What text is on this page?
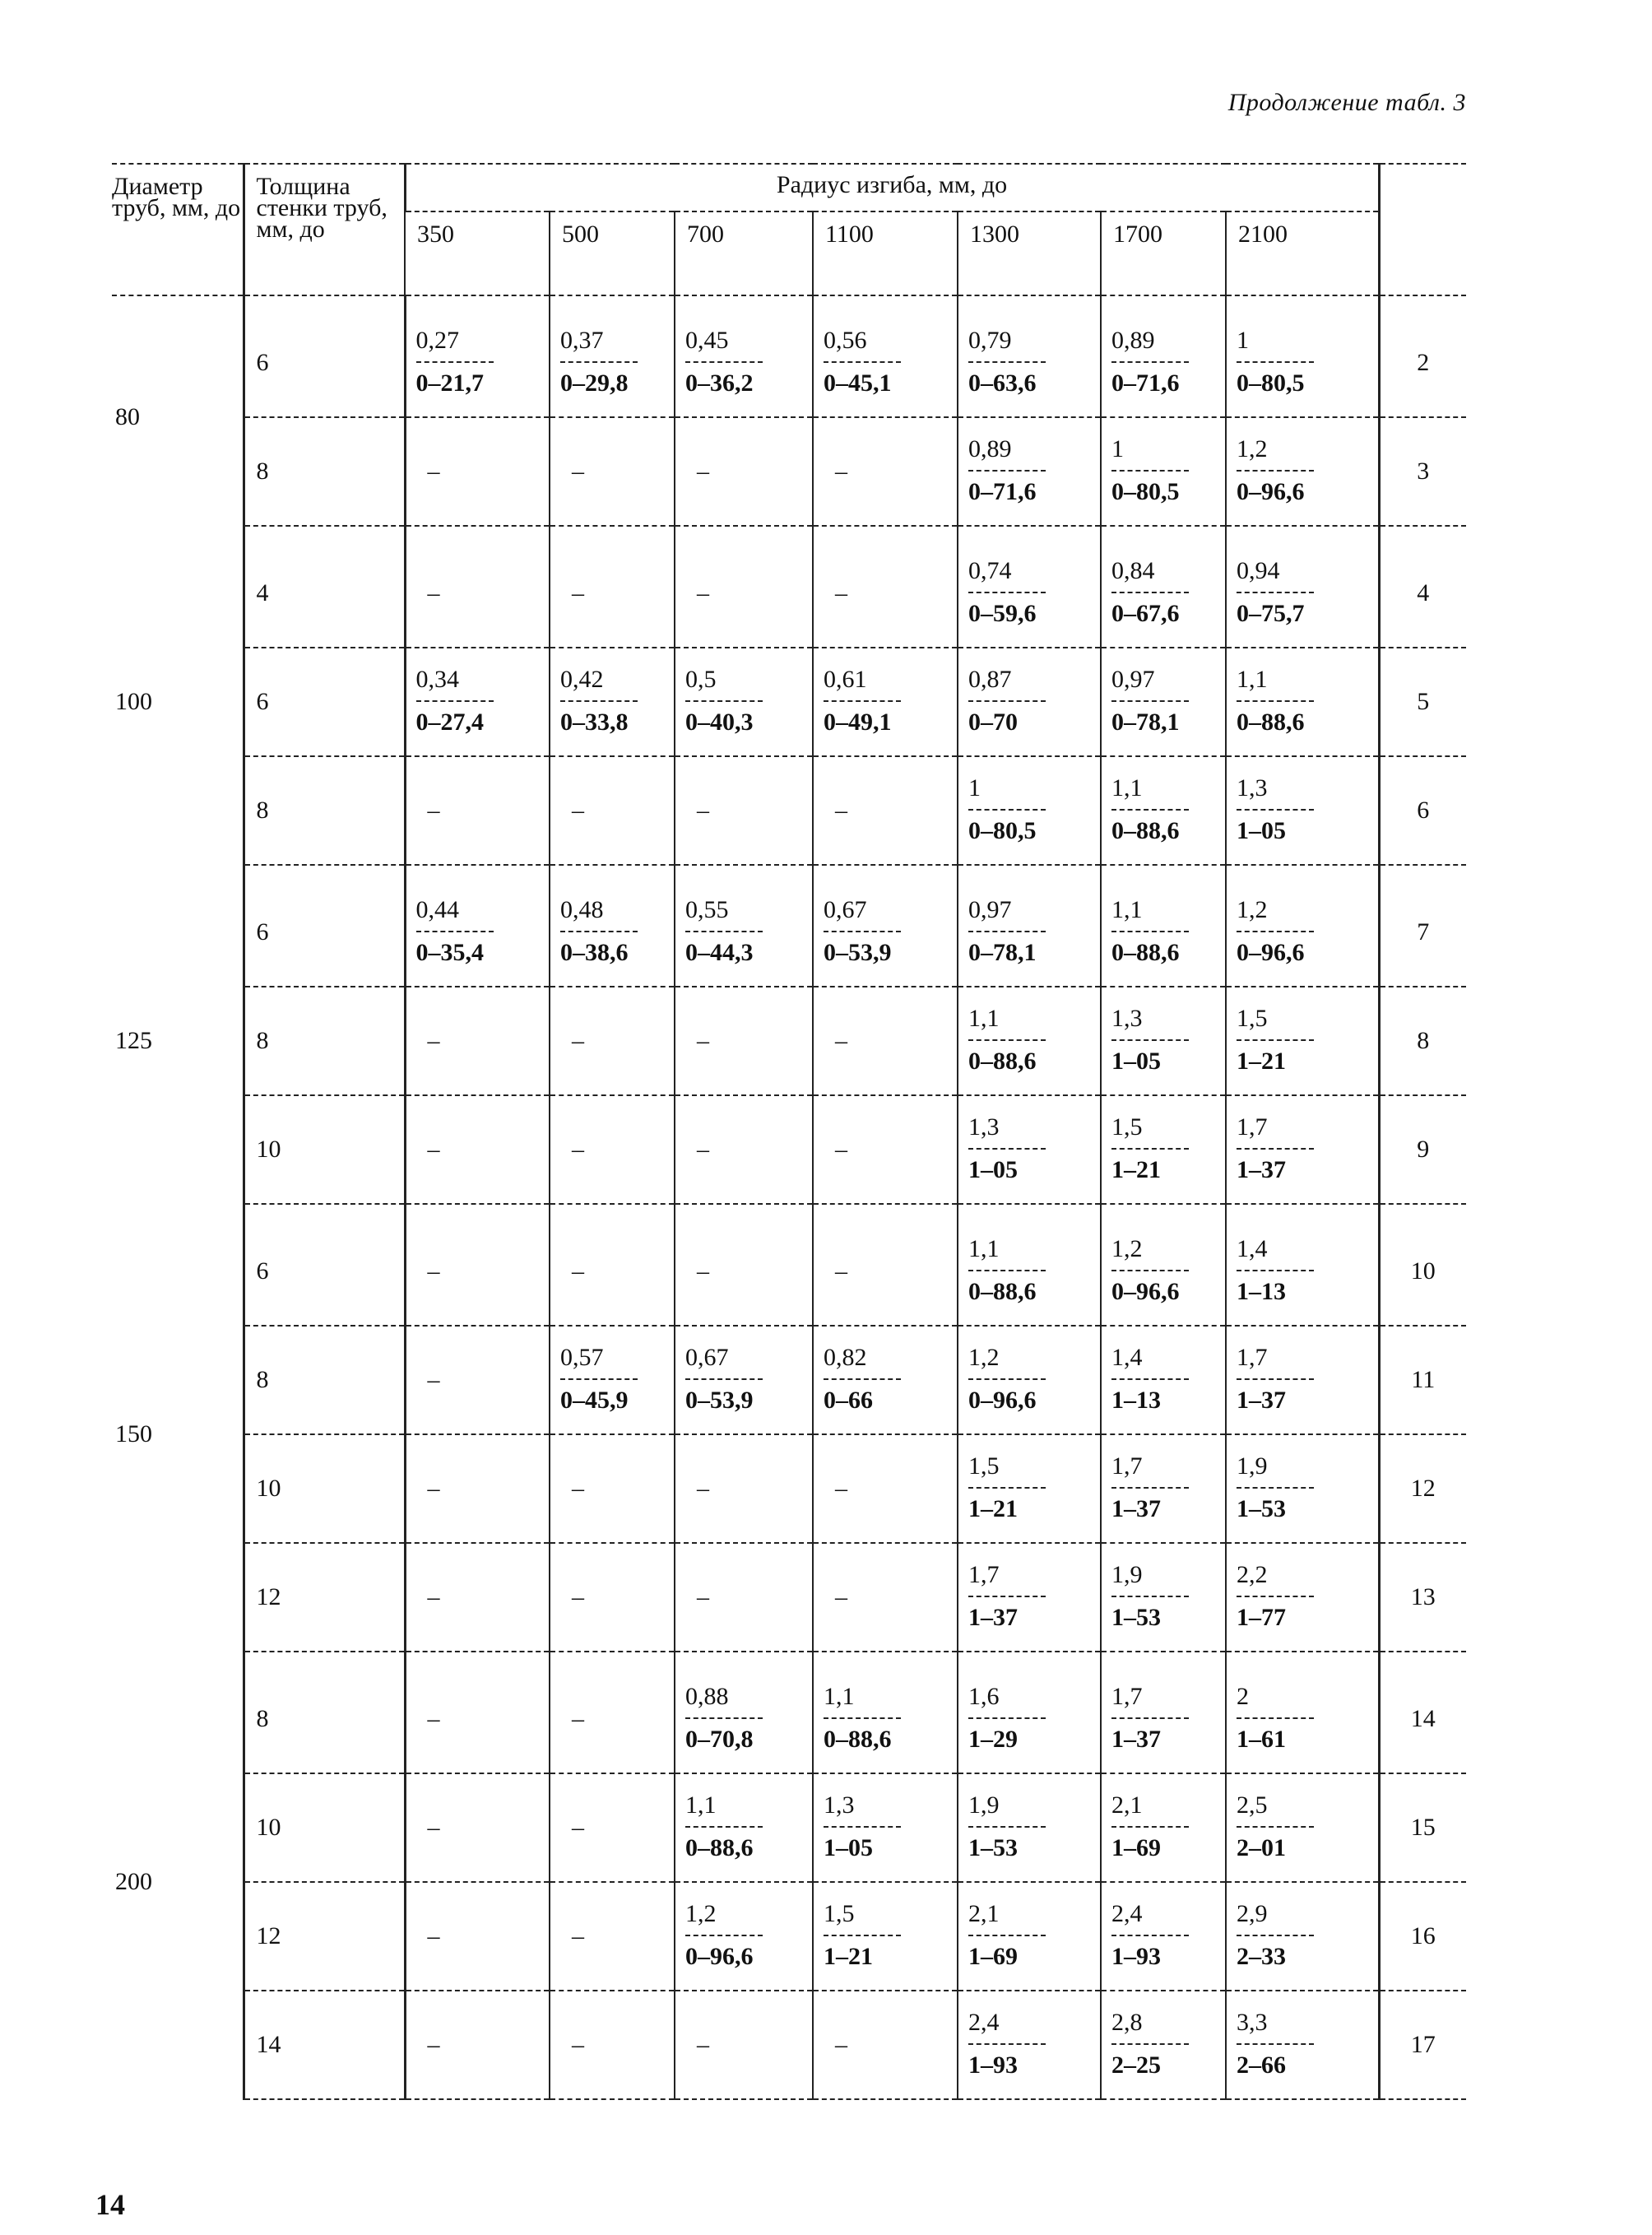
Продолжение табл. 3
Диаметр труб, мм, до	Толщина стенки труб, мм, до	Радиус изгиба, мм, до							
		350	500	700	1100	1300	1700	2100	

80	6	$\frac{0,27}{0-21,7}$	$\frac{0,37}{0-29,8}$	$\frac{0,45}{0-36,2}$	$\frac{0,56}{0-45,1}$	$\frac{0,79}{0-63,6}$	$\frac{0,89}{0-71,6}$	$\frac{1}{0-80,5}$	2
	8	–	–	–	–	$\frac{0,89}{0-71,6}$	$\frac{1}{0-80,5}$	$\frac{1,2}{0-96,6}$	3

100	4	–	–	–	–	$\frac{0,74}{0-59,6}$	$\frac{0,84}{0-67,6}$	$\frac{0,94}{0-75,7}$	4
	6	$\frac{0,34}{0-27,4}$	$\frac{0,42}{0-33,8}$	$\frac{0,5}{0-40,3}$	$\frac{0,61}{0-49,1}$	$\frac{0,87}{0-70}$	$\frac{0,97}{0-78,1}$	$\frac{1,1}{0-88,6}$	5
	8	–	–	–	–	$\frac{1}{0-80,5}$	$\frac{1,1}{0-88,6}$	$\frac{1,3}{1-05}$	6

125	6	$\frac{0,44}{0-35,4}$	$\frac{0,48}{0-38,6}$	$\frac{0,55}{0-44,3}$	$\frac{0,67}{0-53,9}$	$\frac{0,97}{0-78,1}$	$\frac{1,1}{0-88,6}$	$\frac{1,2}{0-96,6}$	7
	8	–	–	–	–	$\frac{1,1}{0-88,6}$	$\frac{1,3}{1-05}$	$\frac{1,5}{1-21}$	8
	10	–	–	–	–	$\frac{1,3}{1-05}$	$\frac{1,5}{1-21}$	$\frac{1,7}{1-37}$	9

150	6	–	–	–	–	$\frac{1,1}{0-88,6}$	$\frac{1,2}{0-96,6}$	$\frac{1,4}{1-13}$	10
	8	–	$\frac{0,57}{0-45,9}$	$\frac{0,67}{0-53,9}$	$\frac{0,82}{0-66}$	$\frac{1,2}{0-96,6}$	$\frac{1,4}{1-13}$	$\frac{1,7}{1-37}$	11
	10	–	–	–	–	$\frac{1,5}{1-21}$	$\frac{1,7}{1-37}$	$\frac{1,9}{1-53}$	12
	12	–	–	–	–	$\frac{1,7}{1-37}$	$\frac{1,9}{1-53}$	$\frac{2,2}{1-77}$	13

200	8	–	–	$\frac{0,88}{0-70,8}$	$\frac{1,1}{0-88,6}$	$\frac{1,6}{1-29}$	$\frac{1,7}{1-37}$	$\frac{2}{1-61}$	14
	10	–	–	$\frac{1,1}{0-88,6}$	$\frac{1,3}{1-05}$	$\frac{1,9}{1-53}$	$\frac{2,1}{1-69}$	$\frac{2,5}{2-01}$	15
	12	–	–	$\frac{1,2}{0-96,6}$	$\frac{1,5}{1-21}$	$\frac{2,1}{1-69}$	$\frac{2,4}{1-93}$	$\frac{2,9}{2-33}$	16
	14	–	–	–	–	$\frac{2,4}{1-93}$	$\frac{2,8}{2-25}$	$\frac{3,3}{2-66}$	17
14
